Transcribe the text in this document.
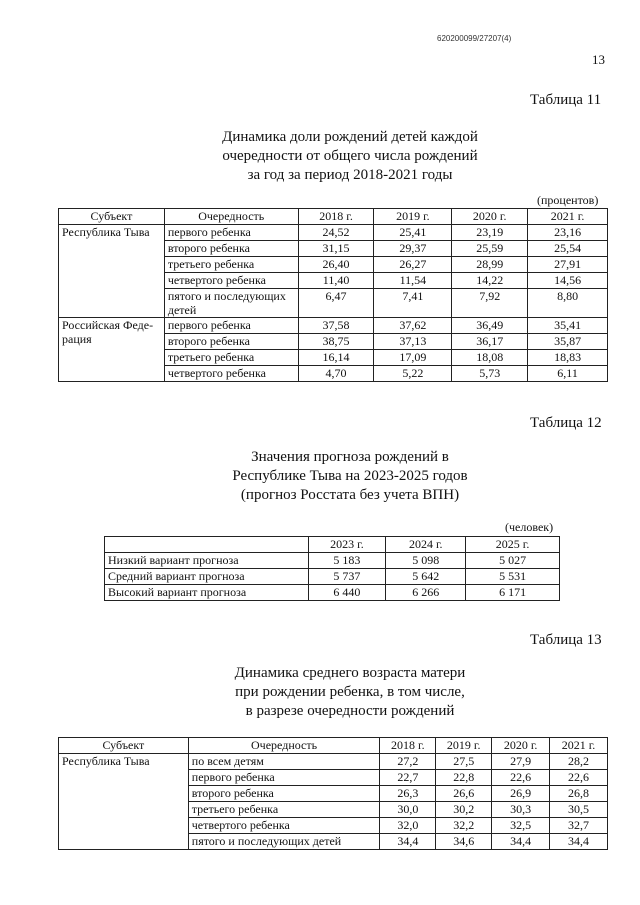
620200099/27207(4)
13
Таблица 11
Динамика доли рождений детей каждой
очередности от общего числа рождений
за год за период 2018-2021 годы
(процентов)
Субъект	Очередность	2018 г.	2019 г.	2020 г.	2021 г.
Республика Тыва	первого ребенка	24,52	25,41	23,19	23,16
	второго ребенка	31,15	29,37	25,59	25,54
	третьего ребенка	26,40	26,27	28,99	27,91
	четвертого ребенка	11,40	11,54	14,22	14,56
	пятого и последующих детей	6,47	7,41	7,92	8,80
Российская Феде-рация	первого ребенка	37,58	37,62	36,49	35,41
	второго ребенка	38,75	37,13	36,17	35,87
	третьего ребенка	16,14	17,09	18,08	18,83
	четвертого ребенка	4,70	5,22	5,73	6,11
Таблица 12
Значения прогноза рождений в
Республике Тыва на 2023-2025 годов
(прогноз Росстата без учета ВПН)
(человек)
	2023 г.	2024 г.	2025 г.
Низкий вариант прогноза	5 183	5 098	5 027
Средний вариант прогноза	5 737	5 642	5 531
Высокий вариант прогноза	6 440	6 266	6 171
Таблица 13
Динамика среднего возраста матери
при рождении ребенка, в том числе,
в разрезе очередности рождений
Субъект	Очередность	2018 г.	2019 г.	2020 г.	2021 г.
Республика Тыва	по всем детям	27,2	27,5	27,9	28,2
	первого ребенка	22,7	22,8	22,6	22,6
	второго ребенка	26,3	26,6	26,9	26,8
	третьего ребенка	30,0	30,2	30,3	30,5
	четвертого ребенка	32,0	32,2	32,5	32,7
	пятого и последующих детей	34,4	34,6	34,4	34,4
